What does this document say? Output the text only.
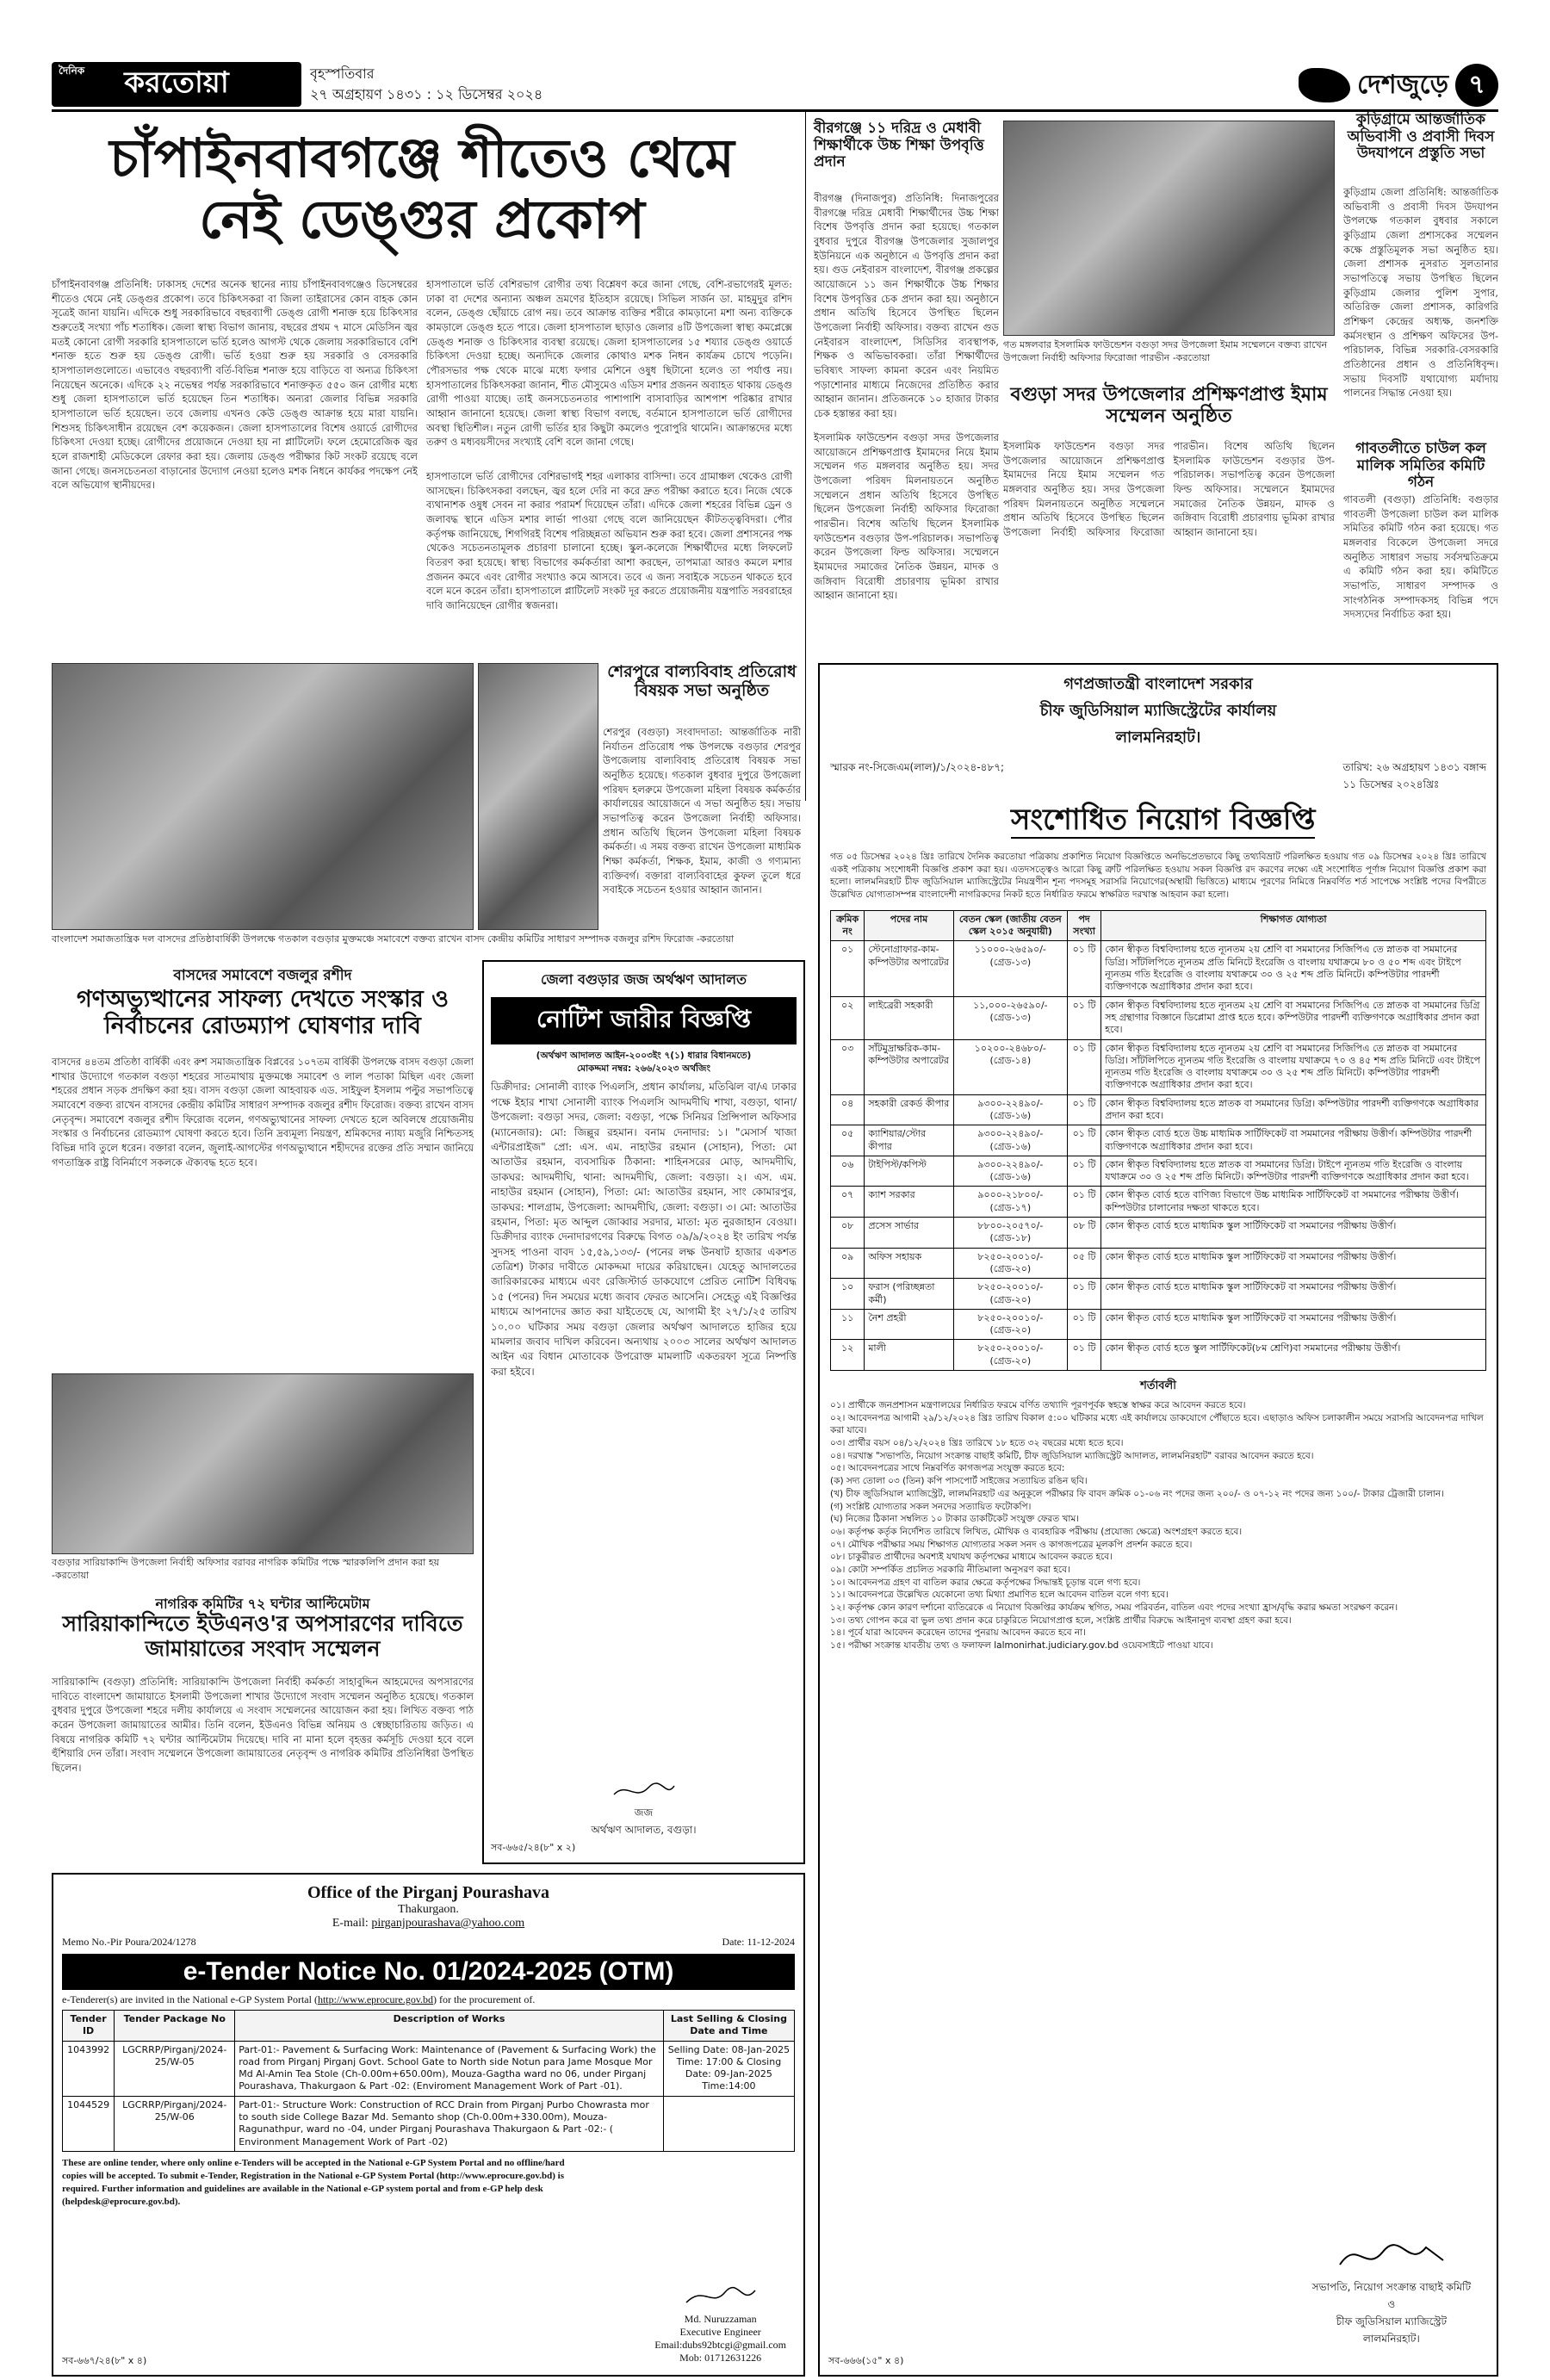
দৈনিক করতোয়া	বৃহস্পতিবার
২৭ অগ্রহায়ণ ১৪৩১ : ১২ ডিসেম্বর ২০২৪	দেশজুড়ে ৭
চাঁপাইনবাবগঞ্জে শীতেও থেমে
নেই ডেঙ্গুর প্রকোপ
চাঁপাইনবাবগঞ্জ প্রতিনিধি: ঢাকাসহ দেশের অনেক স্থানের ন্যায় চাঁপাইনবাবগঞ্জেও ডিসেম্বরের শীতেও থেমে নেই ডেঙ্গুর প্রকোপ। তবে চিকিৎসকরা বা জিলা তাইরাসের কোন বাহক কোন সূত্রেই জানা যায়নি। এদিকে শুধু সরকারিভাবে বছরব্যাপী ডেঙ্গু রোগী শনাক্ত হয়ে চিকিৎসার শুরুতেই সংখ্যা পাঁচ শতাধিক। জেলা স্বাস্থ্য বিভাগ জানায়, বছরের প্রথম ৭ মাসে মেডিসিন জ্বর মতই কোনো রোগী সরকারি হাসপাতালে ভর্তি হলেও আগস্ট থেকে জেলায় সরকারিভাবে বেশি শনাক্ত হতে শুরু হয় ডেঙ্গু রোগী। ভর্তি হওয়া শুরু হয় সরকারি ও বেসরকারি হাসপাতালগুলোতে। এভাবেও বছরব্যাপী বর্তি-বিভিন্ন শনাক্ত হয়ে বাড়িতে বা অন্যত্র চিকিৎসা নিয়েছেন অনেকে। এদিকে ২২ নভেম্বর পর্যন্ত সরকারিভাবে শনাক্তকৃত ৫৫০ জন রোগীর মধ্যে শুধু জেলা হাসপাতালে ভর্তি হয়েছেন তিন শতাধিক। অন্যরা জেলার বিভিন্ন সরকারি হাসপাতালে ভর্তি হয়েছেন। তবে জেলায় এখনও কেউ ডেঙ্গু আক্রান্ত হয়ে মারা যায়নি। শিশুসহ চিকিৎসাধীন রয়েছেন বেশ কয়েকজন। জেলা হাসপাতালের বিশেষ ওয়ার্ডে রোগীদের চিকিৎসা দেওয়া হচ্ছে। রোগীদের প্রয়োজনে দেওয়া হয় না প্লাটিলেট। ফলে হেমোরেজিক জ্বর হলে রাজশাহী মেডিকেলে রেফার করা হয়। জেলায় ডেঙ্গু পরীক্ষার কিট সংকট রয়েছে বলে জানা গেছে। জনসচেতনতা বাড়ানোর উদ্যোগ নেওয়া হলেও মশক নিধনে কার্যকর পদক্ষেপ নেই বলে অভিযোগ স্থানীয়দের।
হাসপাতালে ভর্তি বেশিরভাগ রোগীর তথ্য বিশ্লেষণ করে জানা গেছে, বেশি-রভাগেরই মূলত: ঢাকা বা দেশের অন্যান্য অঞ্চল ভ্রমণের ইতিহাস রয়েছে। সিভিল সার্জন ডা. মাহমুদুর রশিদ বলেন, ডেঙ্গু ছোঁয়াচে রোগ নয়। তবে আক্রান্ত ব্যক্তির শরীরে কামড়ানো মশা অন্য ব্যক্তিকে কামড়ালে ডেঙ্গু হতে পারে। জেলা হাসপাতাল ছাড়াও জেলার ৪টি উপজেলা স্বাস্থ্য কমপ্লেক্সে ডেঙ্গু শনাক্ত ও চিকিৎসার ব্যবস্থা রয়েছে। জেলা হাসপাতালের ১৫ শয্যার ডেঙ্গু ওয়ার্ডে চিকিৎসা দেওয়া হচ্ছে। অন্যদিকে জেলার কোথাও মশক নিধন কার্যক্রম চোখে পড়েনি। পৌরসভার পক্ষ থেকে মাঝে মধ্যে ফগার মেশিনে ওষুধ ছিটানো হলেও তা পর্যাপ্ত নয়। হাসপাতালের চিকিৎসকরা জানান, শীত মৌসুমেও এডিস মশার প্রজনন অব্যাহত থাকায় ডেঙ্গু রোগী পাওয়া যাচ্ছে। তাই জনসচেতনতার পাশাপাশি বাসাবাড়ির আশপাশ পরিষ্কার রাখার আহ্বান জানানো হয়েছে। জেলা স্বাস্থ্য বিভাগ বলছে, বর্তমানে হাসপাতালে ভর্তি রোগীদের অবস্থা স্থিতিশীল। নতুন রোগী ভর্তির হার কিছুটা কমলেও পুরোপুরি থামেনি। আক্রান্তদের মধ্যে তরুণ ও মধ্যবয়সীদের সংখ্যাই বেশি বলে জানা গেছে।
হাসপাতালে ভর্তি রোগীদের বেশিরভাগই শহর এলাকার বাসিন্দা। তবে গ্রামাঞ্চল থেকেও রোগী আসছেন। চিকিৎসকরা বলছেন, জ্বর হলে দেরি না করে দ্রুত পরীক্ষা করাতে হবে। নিজে থেকে ব্যথানাশক ওষুধ সেবন না করার পরামর্শ দিয়েছেন তাঁরা। এদিকে জেলা শহরের বিভিন্ন ড্রেন ও জলাবদ্ধ স্থানে এডিস মশার লার্ভা পাওয়া গেছে বলে জানিয়েছেন কীটতত্ত্ববিদরা। পৌর কর্তৃপক্ষ জানিয়েছে, শিগগিরই বিশেষ পরিচ্ছন্নতা অভিযান শুরু করা হবে। জেলা প্রশাসনের পক্ষ থেকেও সচেতনতামূলক প্রচারণা চালানো হচ্ছে। স্কুল-কলেজে শিক্ষার্থীদের মধ্যে লিফলেট বিতরণ করা হয়েছে। স্বাস্থ্য বিভাগের কর্মকর্তারা আশা করছেন, তাপমাত্রা আরও কমলে মশার প্রজনন কমবে এবং রোগীর সংখ্যাও কমে আসবে। তবে এ জন্য সবাইকে সচেতন থাকতে হবে বলে মনে করেন তাঁরা। হাসপাতালে প্লাটিলেট সংকট দূর করতে প্রয়োজনীয় যন্ত্রপাতি সরবরাহের দাবি জানিয়েছেন রোগীর স্বজনরা।
বীরগঞ্জে ১১ দরিদ্র ও মেধাবী শিক্ষার্থীকে উচ্চ শিক্ষা উপবৃত্তি প্রদান
বীরগঞ্জ (দিনাজপুর) প্রতিনিধি: দিনাজপুরের বীরগঞ্জে দরিদ্র মেধাবী শিক্ষার্থীদের উচ্চ শিক্ষা বিশেষ উপবৃত্তি প্রদান করা হয়েছে। গতকাল বুধবার দুপুরে বীরগঞ্জ উপজেলার সুজালপুর ইউনিয়নে এক অনুষ্ঠানে এ উপবৃত্তি প্রদান করা হয়। গুড নেইবারস বাংলাদেশ, বীরগঞ্জ প্রকল্পের আয়োজনে ১১ জন শিক্ষার্থীকে উচ্চ শিক্ষার বিশেষ উপবৃত্তির চেক প্রদান করা হয়। অনুষ্ঠানে প্রধান অতিথি হিসেবে উপস্থিত ছিলেন উপজেলা নির্বাহী অফিসার। বক্তব্য রাখেন গুড নেইবারস বাংলাদেশ, সিডিসির ব্যবস্থাপক, শিক্ষক ও অভিভাবকরা। তাঁরা শিক্ষার্থীদের ভবিষ্যৎ সাফল্য কামনা করেন এবং নিয়মিত পড়াশোনার মাধ্যমে নিজেদের প্রতিষ্ঠিত করার আহ্বান জানান। প্রতিজনকে ১০ হাজার টাকার চেক হস্তান্তর করা হয়।
গত মঙ্গলবার ইসলামিক ফাউন্ডেশন বগুড়া সদর উপজেলা ইমাম সম্মেলনে বক্তব্য রাখেন উপজেলা নির্বাহী অফিসার ফিরোজা পারভীন -করতোয়া
কুড়িগ্রামে আন্তর্জাতিক অভিবাসী ও প্রবাসী দিবস উদযাপনে প্রস্তুতি সভা
কুড়িগ্রাম জেলা প্রতিনিধি: আন্তর্জাতিক অভিবাসী ও প্রবাসী দিবস উদযাপন উপলক্ষে গতকাল বুধবার সকালে কুড়িগ্রাম জেলা প্রশাসকের সম্মেলন কক্ষে প্রস্তুতিমূলক সভা অনুষ্ঠিত হয়। জেলা প্রশাসক নুসরাত সুলতানার সভাপতিত্বে সভায় উপস্থিত ছিলেন কুড়িগ্রাম জেলার পুলিশ সুপার, অতিরিক্ত জেলা প্রশাসক, কারিগরি প্রশিক্ষণ কেন্দ্রের অধ্যক্ষ, জনশক্তি কর্মসংস্থান ও প্রশিক্ষণ অফিসের উপ-পরিচালক, বিভিন্ন সরকারি-বেসরকারি প্রতিষ্ঠানের প্রধান ও প্রতিনিধিবৃন্দ। সভায় দিবসটি যথাযোগ্য মর্যাদায় পালনের সিদ্ধান্ত নেওয়া হয়।
গাবতলীতে চাউল কল মালিক সমিতির কমিটি গঠন
গাবতলী (বগুড়া) প্রতিনিধি: বগুড়ার গাবতলী উপজেলা চাউল কল মালিক সমিতির কমিটি গঠন করা হয়েছে। গত মঙ্গলবার বিকেলে উপজেলা সদরে অনুষ্ঠিত সাধারণ সভায় সর্বসম্মতিক্রমে এ কমিটি গঠন করা হয়। কমিটিতে সভাপতি, সাধারণ সম্পাদক ও সাংগঠনিক সম্পাদকসহ বিভিন্ন পদে সদস্যদের নির্বাচিত করা হয়।
বগুড়া সদর উপজেলার প্রশিক্ষণপ্রাপ্ত ইমাম সম্মেলন অনুষ্ঠিত
ইসলামিক ফাউন্ডেশন বগুড়া সদর উপজেলার আয়োজনে প্রশিক্ষণপ্রাপ্ত ইমামদের নিয়ে ইমাম সম্মেলন গত মঙ্গলবার অনুষ্ঠিত হয়। সদর উপজেলা পরিষদ মিলনায়তনে অনুষ্ঠিত সম্মেলনে প্রধান অতিথি হিসেবে উপস্থিত ছিলেন উপজেলা নির্বাহী অফিসার ফিরোজা পারভীন। বিশেষ অতিথি ছিলেন ইসলামিক ফাউন্ডেশন বগুড়ার উপ-পরিচালক। সভাপতিত্ব করেন উপজেলা ফিল্ড অফিসার। সম্মেলনে ইমামদের সমাজের নৈতিক উন্নয়ন, মাদক ও জঙ্গিবাদ বিরোধী প্রচারণায় ভূমিকা রাখার আহ্বান জানানো হয়।
ইসলামিক ফাউন্ডেশন বগুড়া সদর উপজেলার আয়োজনে প্রশিক্ষণপ্রাপ্ত ইমামদের নিয়ে ইমাম সম্মেলন গত মঙ্গলবার অনুষ্ঠিত হয়। সদর উপজেলা পরিষদ মিলনায়তনে অনুষ্ঠিত সম্মেলনে প্রধান অতিথি হিসেবে উপস্থিত ছিলেন উপজেলা নির্বাহী অফিসার ফিরোজা পারভীন। বিশেষ অতিথি ছিলেন ইসলামিক ফাউন্ডেশন বগুড়ার উপ-পরিচালক। সভাপতিত্ব করেন উপজেলা ফিল্ড অফিসার। সম্মেলনে ইমামদের সমাজের নৈতিক উন্নয়ন, মাদক ও জঙ্গিবাদ বিরোধী প্রচারণায় ভূমিকা রাখার আহ্বান জানানো হয়।
গণপ্রজাতন্ত্রী বাংলাদেশ সরকার
চীফ জুডিসিয়াল ম্যাজিস্ট্রেটের কার্যালয়
লালমনিরহাট।
স্মারক নং-সিজেএম(লাল)/১/২০২৪-৪৮৭;	তারিখ: ২৬ অগ্রহায়ণ ১৪৩১ বঙ্গাব্দ
১১ ডিসেম্বর ২০২৪খ্রিঃ
সংশোধিত নিয়োগ বিজ্ঞপ্তি
গত ০৫ ডিসেম্বর ২০২৪ খ্রিঃ তারিখে দৈনিক করতোয়া পত্রিকায় প্রকাশিত নিয়োগ বিজ্ঞপ্তিতে অনভিপ্রেতভাবে কিছু তথ্যবিভ্রাট পরিলক্ষিত হওয়ায় গত ০৯ ডিসেম্বর ২০২৪ খ্রিঃ তারিখে একই পত্রিকায় সংশোধনী বিজ্ঞপ্তি প্রকাশ করা হয়। এতদসত্ত্বেও আরো কিছু ত্রুটি পরিলক্ষিত হওয়ায় সকল বিজ্ঞপ্তি রদ করণের লক্ষ্যে এই সংশোধিত পূর্ণাঙ্গ নিয়োগ বিজ্ঞপ্তি প্রকাশ করা হলো। লালমনিরহাট চীফ জুডিসিয়াল ম্যাজিস্ট্রেটের নিয়ন্ত্রণীন শূন্য পদসমূহ সরাসরি নিয়োগের(অস্থায়ী ভিত্তিতে) মাধ্যমে পূরণের নিমিত্তে নিম্নবর্ণিত শর্ত সাপেক্ষে সংশ্লিষ্ট পদের বিপরীতে উল্লেখিত যোগ্যতাসম্পন্ন বাংলাদেশী নাগরিকদের নিকট হতে নির্ধারিত ফরমে স্বাক্ষরিত দরখাস্ত আহবান করা হলো।
ক্রমিক নং	পদের নাম	বেতন স্কেল (জাতীয় বেতন স্কেল ২০১৫ অনুযায়ী)	পদ সংখ্যা	শিক্ষাগত যোগ্যতা
০১	স্টেনোগ্রাফার-কাম-কম্পিউটার অপারেটর	১১০০০-২৬৫৯০/- (গ্রেড-১৩)	০১ টি	কোন স্বীকৃত বিশ্ববিদ্যালয় হতে ন্যূনতম ২য় শ্রেণি বা সমমানের সিজিপিএ তে স্নাতক বা সমমানের ডিগ্রি। সাঁটলিপিতে ন্যূনতম প্রতি মিনিটে ইংরেজি ও বাংলায় যথাক্রমে ৮০ ও ৫০ শব্দ এবং টাইপে ন্যূনতম গতি ইংরেজি ও বাংলায় যথাক্রমে ৩০ ও ২৫ শব্দ প্রতি মিনিটে। কম্পিউটার পারদর্শী ব্যক্তিগণকে অগ্রাধিকার প্রদান করা হবে।
০২	লাইব্রেরী সহকারী	১১,০০০-২৬৫৯০/- (গ্রেড-১৩)	০১ টি	কোন স্বীকৃত বিশ্ববিদ্যালয় হতে ন্যূনতম ২য় শ্রেণি বা সমমানের সিজিপিএ তে স্নাতক বা সমমানের ডিগ্রি সহ গ্রন্থাগার বিজ্ঞানে ডিপ্লোমা প্রাপ্ত হতে হবে। কম্পিউটার পারদর্শী ব্যক্তিগণকে অগ্রাধিকার প্রদান করা হবে।
০৩	সাঁটমুদ্রাক্ষরিক-কাম-কম্পিউটার অপারেটর	১০২০০-২৪৬৮০/- (গ্রেড-১৪)	০১ টি	কোন স্বীকৃত বিশ্ববিদ্যালয় হতে ন্যূনতম ২য় শ্রেণি বা সমমানের সিজিপিএ তে স্নাতক বা সমমানের ডিগ্রি। সাঁটলিপিতে ন্যূনতম গতি ইংরেজি ও বাংলায় যথাক্রমে ৭০ ও ৪৫ শব্দ প্রতি মিনিটে এবং টাইপে ন্যূনতম গতি ইংরেজি ও বাংলায় যথাক্রমে ৩০ ও ২৫ শব্দ প্রতি মিনিটে। কম্পিউটার পারদর্শী ব্যক্তিগণকে অগ্রাধিকার প্রদান করা হবে।
০৪	সহকারী রেকর্ড কীপার	৯৩০০-২২৪৯০/- (গ্রেড-১৬)	০১ টি	কোন স্বীকৃত বিশ্ববিদ্যালয় হতে স্নাতক বা সমমানের ডিগ্রি। কম্পিউটার পারদর্শী ব্যক্তিগণকে অগ্রাধিকার প্রদান করা হবে।
০৫	ক্যাশিয়ার/স্টোর কীপার	৯৩০০-২২৪৯০/- (গ্রেড-১৬)	০১ টি	কোন স্বীকৃত বোর্ড হতে উচ্চ মাধ্যমিক সার্টিফিকেট বা সমমানের পরীক্ষায় উত্তীর্ণ। কম্পিউটার পারদর্শী ব্যক্তিগণকে অগ্রাধিকার প্রদান করা হবে।
০৬	টাইপিস্ট/কপিস্ট	৯৩০০-২২৪৯০/- (গ্রেড-১৬)	০১ টি	কোন স্বীকৃত বিশ্ববিদ্যালয় হতে স্নাতক বা সমমানের ডিগ্রি। টাইপে ন্যূনতম গতি ইংরেজি ও বাংলায় যথাক্রমে ৩০ ও ২৫ শব্দ প্রতি মিনিটে। কম্পিউটার পারদর্শী ব্যক্তিগণকে অগ্রাধিকার প্রদান করা হবে।
০৭	ক্যাশ সরকার	৯০০০-২১৮০০/- (গ্রেড-১৭)	০১ টি	কোন স্বীকৃত বোর্ড হতে বাণিজ্য বিভাগে উচ্চ মাধ্যমিক সার্টিফিকেট বা সমমানের পরীক্ষায় উত্তীর্ণ। কম্পিউটার চালানোর দক্ষতা থাকতে হবে।
০৮	প্রসেস সার্ভার	৮৮০০-২০৫৭০/- (গ্রেড-১৮)	০৮ টি	কোন স্বীকৃত বোর্ড হতে মাধ্যমিক স্কুল সার্টিফিকেট বা সমমানের পরীক্ষায় উত্তীর্ণ।
০৯	অফিস সহায়ক	৮২৫০-২০০১০/- (গ্রেড-২০)	০৫ টি	কোন স্বীকৃত বোর্ড হতে মাধ্যমিক স্কুল সার্টিফিকেট বা সমমানের পরীক্ষায় উত্তীর্ণ।
১০	ফরাস (পরিচ্ছন্নতা কর্মী)	৮২৫০-২০০১০/- (গ্রেড-২০)	০১ টি	কোন স্বীকৃত বোর্ড হতে মাধ্যমিক স্কুল সার্টিফিকেট বা সমমানের পরীক্ষায় উত্তীর্ণ।
১১	নৈশ প্রহরী	৮২৫০-২০০১০/- (গ্রেড-২০)	০১ টি	কোন স্বীকৃত বোর্ড হতে মাধ্যমিক স্কুল সার্টিফিকেট বা সমমানের পরীক্ষায় উত্তীর্ণ।
১২	মালী	৮২৫০-২০০১০/- (গ্রেড-২০)	০১ টি	কোন স্বীকৃত বোর্ড হতে স্কুল সার্টিফিকেট(৮ম শ্রেণি)বা সমমানের পরীক্ষায় উত্তীর্ণ।
শর্তাবলী
০১। প্রার্থীকে জনপ্রশাসন মন্ত্রণালয়ের নির্ধারিত ফরমে বর্ণিত তথ্যাদি পূরণপূর্বক স্বহস্তে স্বাক্ষর করে আবেদন করতে হবে।
০২। আবেদনপত্র আগামী ২৯/১২/২০২৪ খ্রিঃ তারিখ বিকাল ৫:০০ ঘটিকার মধ্যে এই কার্যালয়ে ডাকযোগে পৌঁছাতে হবে। এছাড়াও অফিস চলাকালীন সময়ে সরাসরি আবেদনপত্র দাখিল করা যাবে।
০৩। প্রার্থীর বয়স ০৪/১২/২০২৪ খ্রিঃ তারিখে ১৮ হতে ৩২ বছরের মধ্যে হতে হবে।
০৪। দরখাস্ত "সভাপতি, নিয়োগ সংক্রান্ত বাছাই কমিটি, চীফ জুডিসিয়াল ম্যাজিস্ট্রেট আদালত, লালমনিরহাট" বরাবর আবেদন করতে হবে।
০৫। আবেদনপত্রের সাথে নিম্নবর্ণিত কাগজপত্র সংযুক্ত করতে হবে:
(ক) সদ্য তোলা ০৩ (তিন) কপি পাসপোর্ট সাইজের সত্যায়িত রঙিন ছবি।
(খ) চীফ জুডিসিয়াল ম্যাজিস্ট্রেট, লালমনিরহাট এর অনুকূলে পরীক্ষার ফি বাবদ ক্রমিক ০১-০৬ নং পদের জন্য ২০০/- ও ০৭-১২ নং পদের জন্য ১০০/- টাকার ট্রেজারী চালান।
(গ) সংশ্লিষ্ট যোগ্যতার সকল সনদের সত্যায়িত ফটোকপি।
(ঘ) নিজের ঠিকানা সম্বলিত ১০ টাকার ডাকটিকেট সংযুক্ত ফেরত খাম।
০৬। কর্তৃপক্ষ কর্তৃক নির্দেশিত তারিখে লিখিত, মৌখিক ও ব্যবহারিক পরীক্ষায় (প্রযোজ্য ক্ষেত্রে) অংশগ্রহণ করতে হবে।
০৭। মৌখিক পরীক্ষার সময় শিক্ষাগত যোগ্যতার সকল সনদ ও কাগজপত্রের মূলকপি প্রদর্শন করতে হবে।
০৮। চাকুরীরত প্রার্থীদের অবশ্যই যথাযথ কর্তৃপক্ষের মাধ্যমে আবেদন করতে হবে।
০৯। কোটা সম্পর্কিত প্রচলিত সরকারি নীতিমালা অনুসরণ করা হবে।
১০। আবেদনপত্র গ্রহণ বা বাতিল করার ক্ষেত্রে কর্তৃপক্ষের সিদ্ধান্তই চূড়ান্ত বলে গণ্য হবে।
১১। আবেদনপত্রে উল্লেখিত যেকোনো তথ্য মিথ্যা প্রমাণিত হলে আবেদন বাতিল বলে গণ্য হবে।
১২। কর্তৃপক্ষ কোন কারণ দর্শানো ব্যতিরেকে এ নিয়োগ বিজ্ঞপ্তির কার্যক্রম স্থগিত, সময় পরিবর্তন, বাতিল এবং পদের সংখ্যা হ্রাস/বৃদ্ধি করার ক্ষমতা সংরক্ষণ করেন।
১৩। তথ্য গোপন করে বা ভুল তথ্য প্রদান করে চাকুরিতে নিয়োগপ্রাপ্ত হলে, সংশ্লিষ্ট প্রার্থীর বিরুদ্ধে আইনানুগ ব্যবস্থা গ্রহণ করা হবে।
১৪। পূর্বে যারা আবেদন করেছেন তাদের পুনরায় আবেদন করতে হবে না।
১৫। পরীক্ষা সংক্রান্ত যাবতীয় তথ্য ও ফলাফল lalmonirhat.judiciary.gov.bd ওয়েবসাইটে পাওয়া যাবে।
সভাপতি, নিয়োগ সংক্রান্ত বাছাই কমিটি
ও
চীফ জুডিসিয়াল ম্যাজিস্ট্রেট
লালমনিরহাট।
সব-৬৬৬(১৫" x ৪)
বাংলাদেশ সমাজতান্ত্রিক দল বাসদের প্রতিষ্ঠাবার্ষিকী উপলক্ষে গতকাল বগুড়ার মুক্তমঞ্চে সমাবেশে বক্তব্য রাখেন বাসদ কেন্দ্রীয় কমিটির সাধারণ সম্পাদক বজলুর রশিদ ফিরোজ -করতোয়া
শেরপুরে বাল্যবিবাহ প্রতিরোধ বিষয়ক সভা অনুষ্ঠিত
শেরপুর (বগুড়া) সংবাদদাতা: আন্তর্জাতিক নারী নির্যাতন প্রতিরোধ পক্ষ উপলক্ষে বগুড়ার শেরপুর উপজেলায় বাল্যবিবাহ প্রতিরোধ বিষয়ক সভা অনুষ্ঠিত হয়েছে। গতকাল বুধবার দুপুরে উপজেলা পরিষদ হলরুমে উপজেলা মহিলা বিষয়ক কর্মকর্তার কার্যালয়ের আয়োজনে এ সভা অনুষ্ঠিত হয়। সভায় সভাপতিত্ব করেন উপজেলা নির্বাহী অফিসার। প্রধান অতিথি ছিলেন উপজেলা মহিলা বিষয়ক কর্মকর্তা। এ সময় বক্তব্য রাখেন উপজেলা মাধ্যমিক শিক্ষা কর্মকর্তা, শিক্ষক, ইমাম, কাজী ও গণ্যমান্য ব্যক্তিবর্গ। বক্তারা বাল্যবিবাহের কুফল তুলে ধরে সবাইকে সচেতন হওয়ার আহ্বান জানান।
বাসদের সমাবেশে বজলুর রশীদ
গণঅভ্যুত্থানের সাফল্য দেখতে সংস্কার ও নির্বাচনের রোডম্যাপ ঘোষণার দাবি
বাসদের ৪৪তম প্রতিষ্ঠা বার্ষিকী এবং রুশ সমাজতান্ত্রিক বিপ্লবের ১০৭তম বার্ষিকী উপলক্ষে বাসদ বগুড়া জেলা শাখার উদ্যোগে গতকাল বগুড়া শহরের সাতমাথায় মুক্তমঞ্চে সমাবেশ ও লাল পতাকা মিছিল এবং জেলা শহরের প্রধান সড়ক প্রদক্ষিণ করা হয়। বাসদ বগুড়া জেলা আহবায়ক এড. সাইফুল ইসলাম পল্টুর সভাপতিত্বে সমাবেশে বক্তব্য রাখেন বাসদের কেন্দ্রীয় কমিটির সাধারণ সম্পাদক বজলুর রশীদ ফিরোজ। বক্তব্য রাখেন বাসদ নেতৃবৃন্দ। সমাবেশে বজলুর রশীদ ফিরোজ বলেন, গণঅভ্যুত্থানের সাফল্য দেখতে হলে অবিলম্বে প্রয়োজনীয় সংস্কার ও নির্বাচনের রোডম্যাপ ঘোষণা করতে হবে। তিনি দ্রব্যমূল্য নিয়ন্ত্রণ, শ্রমিকদের ন্যায্য মজুরি নিশ্চিতসহ বিভিন্ন দাবি তুলে ধরেন। বক্তারা বলেন, জুলাই-আগস্টের গণঅভ্যুত্থানে শহীদদের রক্তের প্রতি সম্মান জানিয়ে গণতান্ত্রিক রাষ্ট্র বিনির্মাণে সকলকে ঐক্যবদ্ধ হতে হবে।
বগুড়ার সারিয়াকান্দি উপজেলা নির্বাহী অফিসার বরাবর নাগরিক কমিটির পক্ষে স্মারকলিপি প্রদান করা হয় -করতোয়া
নাগরিক কমিটির ৭২ ঘন্টার আল্টিমেটাম
সারিয়াকান্দিতে ইউএনও'র অপসারণের দাবিতে জামায়াতের সংবাদ সম্মেলন
সারিয়াকান্দি (বগুড়া) প্রতিনিধি: সারিয়াকান্দি উপজেলা নির্বাহী কর্মকর্তা সাহাবুদ্দিন আহমেদের অপসারণের দাবিতে বাংলাদেশ জামায়াতে ইসলামী উপজেলা শাখার উদ্যোগে সংবাদ সম্মেলন অনুষ্ঠিত হয়েছে। গতকাল বুধবার দুপুরে উপজেলা শহরে দলীয় কার্যালয়ে এ সংবাদ সম্মেলনের আয়োজন করা হয়। লিখিত বক্তব্য পাঠ করেন উপজেলা জামায়াতের আমীর। তিনি বলেন, ইউএনও বিভিন্ন অনিয়ম ও স্বেচ্ছাচারিতায় জড়িত। এ বিষয়ে নাগরিক কমিটি ৭২ ঘন্টার আল্টিমেটাম দিয়েছে। দাবি না মানা হলে বৃহত্তর কর্মসূচি দেওয়া হবে বলে হুঁশিয়ারি দেন তাঁরা। সংবাদ সম্মেলনে উপজেলা জামায়াতের নেতৃবৃন্দ ও নাগরিক কমিটির প্রতিনিধিরা উপস্থিত ছিলেন।
জেলা বগুড়ার জজ অর্থঋণ আদালত
নোটিশ জারীর বিজ্ঞপ্তি
(অর্থঋণ আদালত আইন-২০০৩ইং ৭(১) ধারার বিধানমতে)
মোকদ্দমা নম্বর: ২৬৬/২০২৩ অর্থজিং
ডিক্রীদার: সোনালী ব্যাংক পিএলসি, প্রধান কার্যালয়, মতিঝিল বা/এ ঢাকার পক্ষে ইহার শাখা সোনালী ব্যাংক পিএলসি আদমদীঘি শাখা, বগুড়া, থানা/ উপজেলা: বগুড়া সদর, জেলা: বগুড়া, পক্ষে সিনিয়র প্রিন্সিপাল অফিসার (ম্যানেজার): মো: জিল্লুর রহমান। বনাম দেনাদার: ১। "মেসার্স খাজা এন্টারপ্রাইজ" প্রো: এস. এম. নাহাউর রহমান (সোহান), পিতা: মো আতাউর রহমান, ব্যবসায়িক ঠিকানা: শাহিনসরের মোড়, আদমদীঘি, ডাকঘর: আদমদীঘি, থানা: আদমদীঘি, জেলা: বগুড়া। ২। এস. এম. নাহাউর রহমান (সোহান), পিতা: মো: আতাউর রহমান, সাং কোমারপুর, ডাকঘর: শালগ্রাম, উপজেলা: আদমদীঘি, জেলা: বগুড়া। ৩। মো: আতাউর রহমান, পিতা: মৃত আব্দুল জোব্বার সরদার, মাতা: মৃত নুরজাহান বেওয়া। ডিক্রীদার ব্যাংক দেনাদারগণের বিরুদ্ধে বিগত ০৯/৯/২০২৪ ইং তারিখ পর্যন্ত সুদসহ পাওনা বাবদ ১৫,৫৯,১৩৩/- (পনের লক্ষ উনষাট হাজার একশত তেত্রিশ) টাকার দাবীতে মোকদ্দমা দায়ের করিয়াছেন। যেহেতু আদালতের জারিকারকের মাধ্যমে এবং রেজিস্টার্ড ডাকযোগে প্রেরিত নোটিশ বিধিবদ্ধ ১৫ (পনের) দিন সময়ের মধ্যে জবাব ফেরত আসেনি। সেহেতু এই বিজ্ঞপ্তির মাধ্যমে আপনাদের জ্ঞাত করা যাইতেছে যে, আগামী ইং ২৭/১/২৫ তারিখ ১০.০০ ঘটিকার সময় বগুড়া জেলার অর্থঋণ আদালতে হাজির হয়ে মামলার জবাব দাখিল করিবেন। অন্যথায় ২০০৩ সালের অর্থঋণ আদালত আইন এর বিধান মোতাবেক উপরোক্ত মামলাটি একতরফা সূত্রে নিষ্পত্তি করা হইবে।
জজ
অর্থঋণ আদালত, বগুড়া।
সব-৬৬৫/২৪(৮" x ২)
Office of the Pirganj Pourashava
Thakurgaon.
E-mail: pirganjpourashava@yahoo.com
Memo No.-Pir Poura/2024/1278	Date: 11-12-2024
e-Tender Notice No. 01/2024-2025 (OTM)
e-Tenderer(s) are invited in the National e-GP System Portal (http://www.eprocure.gov.bd) for the procurement of.
Tender ID	Tender Package No	Description of Works	Last Selling & Closing Date and Time
1043992	LGCRRP/Pirganj/2024-25/W-05	Part-01:- Pavement & Surfacing Work: Maintenance of (Pavement & Surfacing Work) the road from Pirganj Pirganj Govt. School Gate to North side Notun para Jame Mosque Mor Md Al-Amin Tea Stole (Ch-0.00m+650.00m), Mouza-Gagtha ward no 06, under Pirganj Pourashava, Thakurgaon & Part -02: (Enviroment Management Work of Part -01).	Selling Date: 08-Jan-2025 Time: 17:00 & Closing Date: 09-Jan-2025 Time:14:00
1044529	LGCRRP/Pirganj/2024-25/W-06	Part-01:- Structure Work: Construction of RCC Drain from Pirganj Purbo Chowrasta mor to south side College Bazar Md. Semanto shop (Ch-0.00m+330.00m), Mouza-Ragunathpur, ward no -04, under Pirganj Pourashava Thakurgaon & Part -02:- ( Environment Management Work of Part -02)	
These are online tender, where only online e-Tenders will be accepted in the National e-GP System Portal and no offline/hard copies will be accepted. To submit e-Tender, Registration in the National e-GP System Portal (http://www.eprocure.gov.bd) is required. Further information and guidelines are available in the National e-GP system portal and from e-GP help desk (helpdesk@eprocure.gov.bd).
Md. Nuruzzaman
Executive Engineer
Email:dubs92btcgi@gmail.com
Mob: 01712631226
সব-৬৬৭/২৪(৮" x ৪)
